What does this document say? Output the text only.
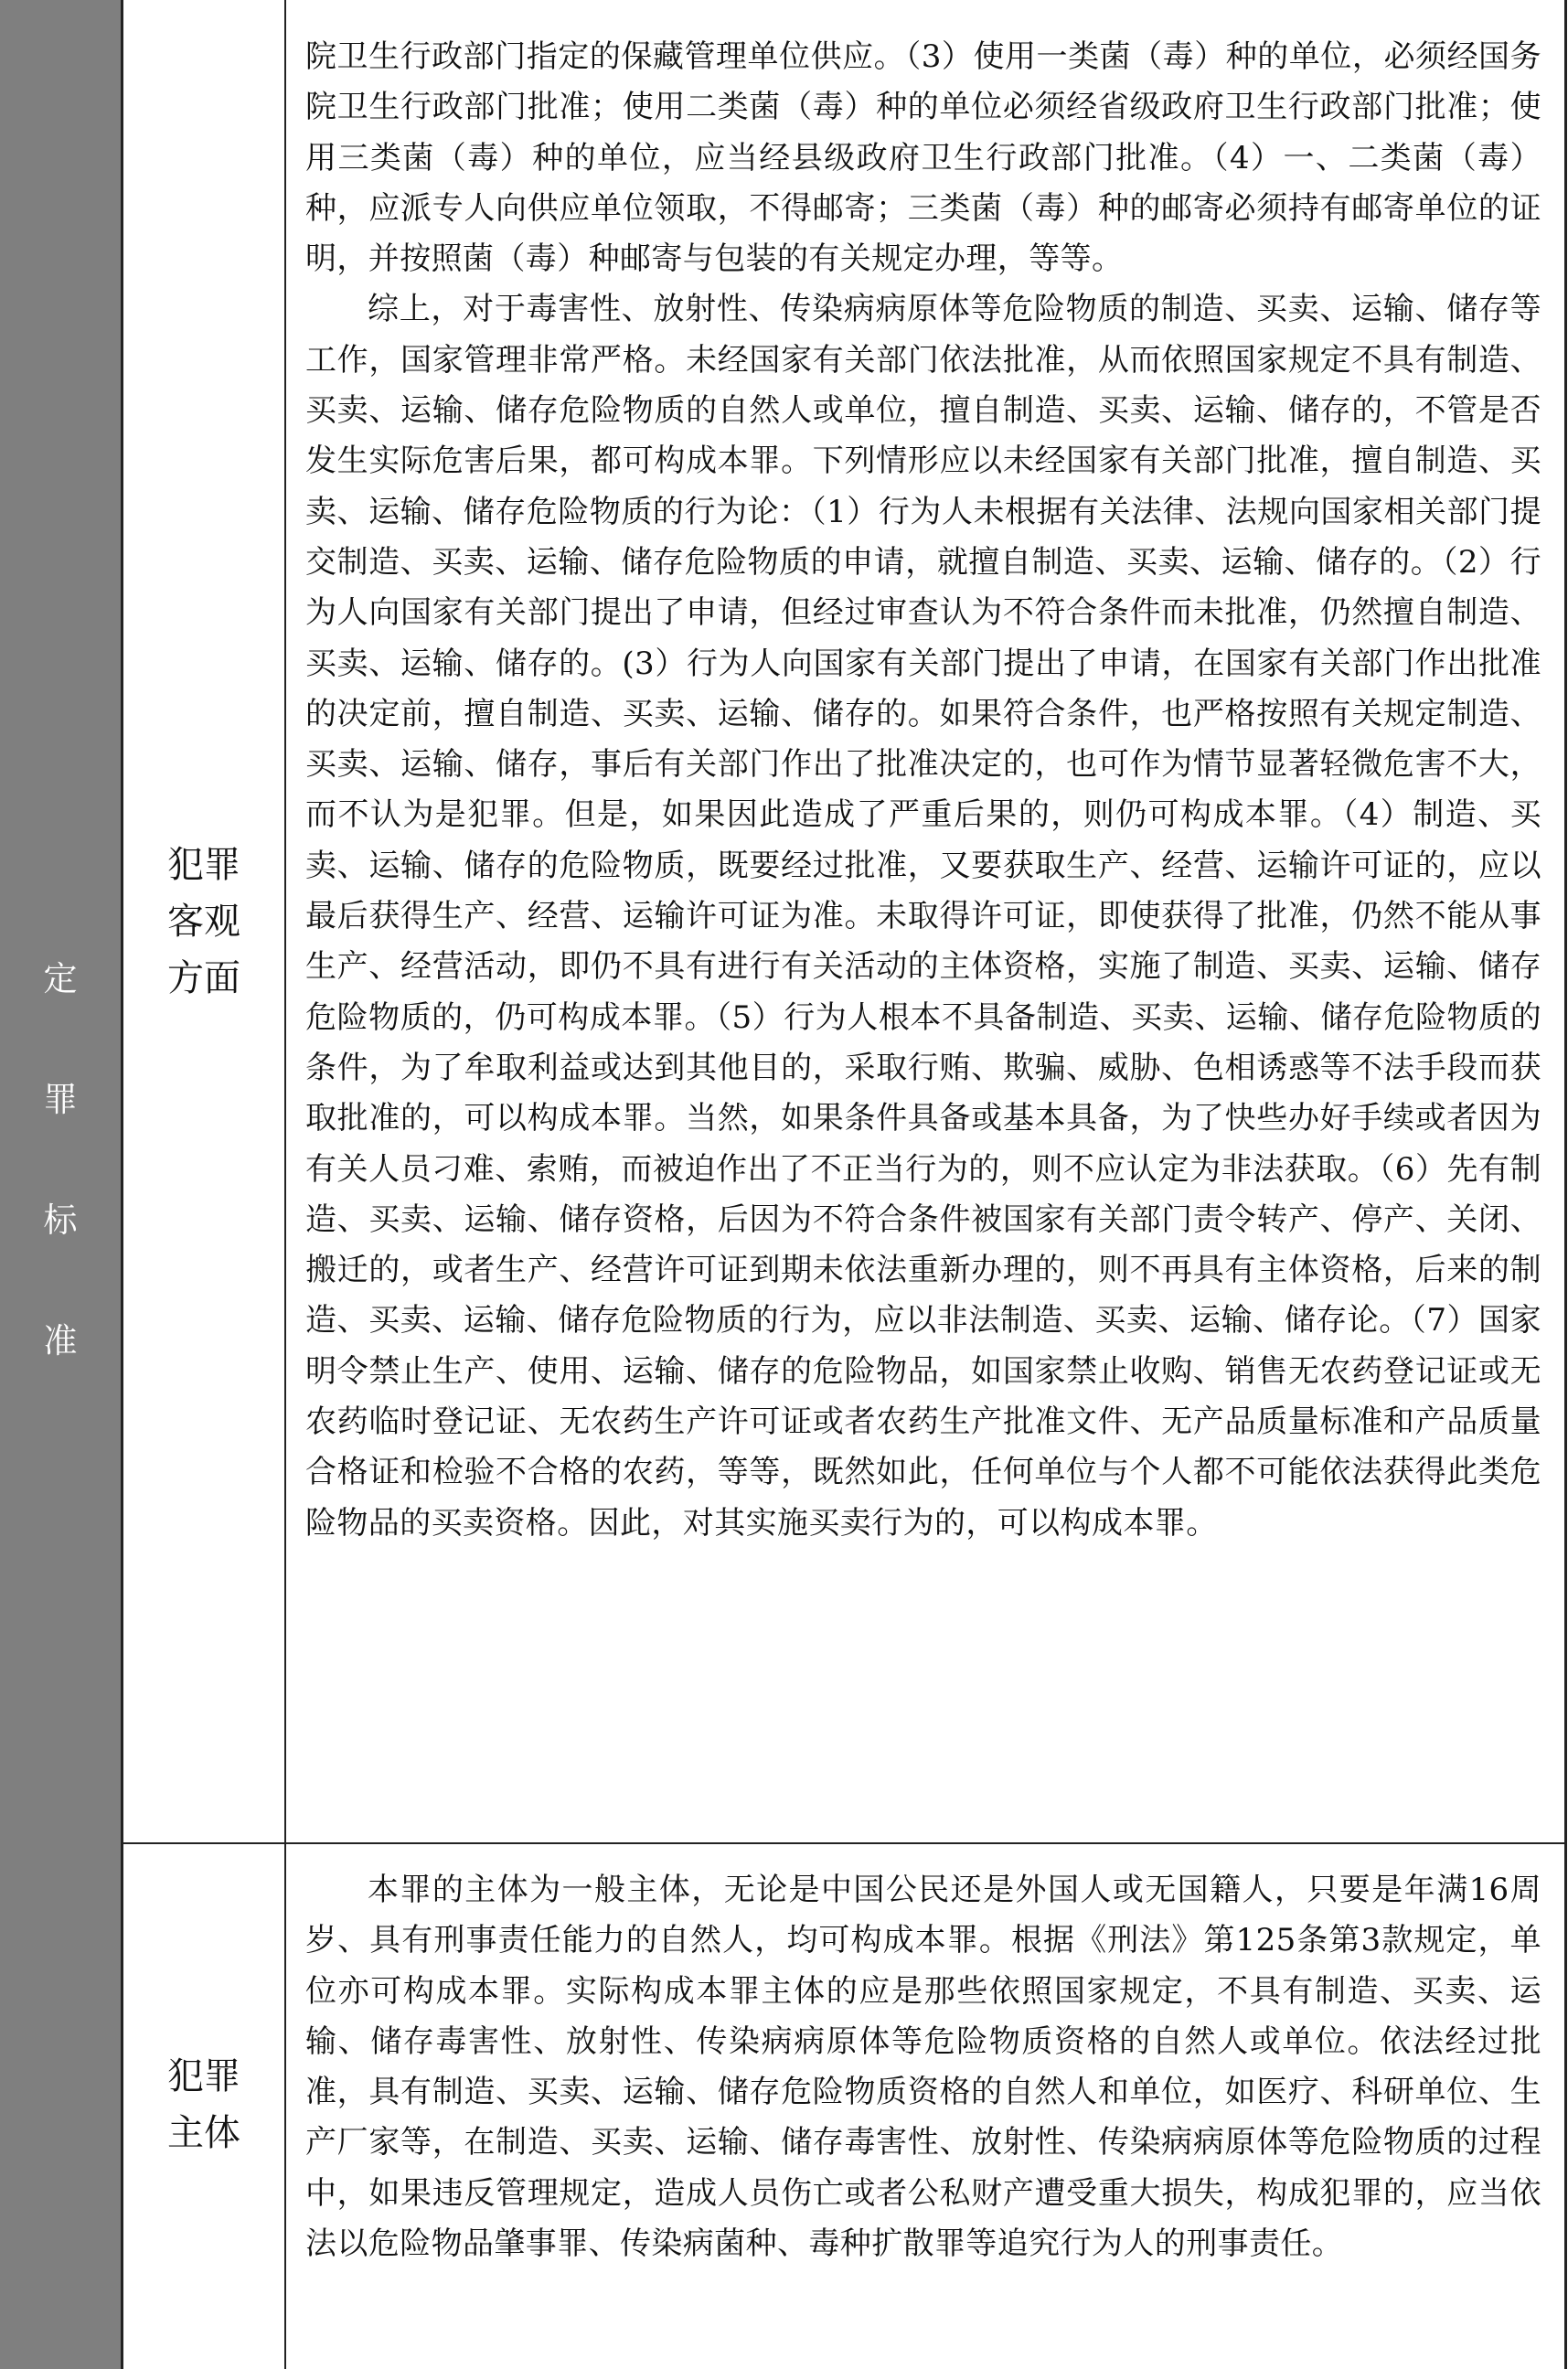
定
罪
标
准
犯罪
客观
方面

院卫生行政部门指定的保藏管理单位供应。（3）使用一类菌（毒）种的单位，必须经国务院卫生行政部门批准；使用二类菌（毒）种的单位必须经省级政府卫生行政部门批准；使用三类菌（毒）种的单位，应当经县级政府卫生行政部门批准。（4）一、二类菌（毒）种，应派专人向供应单位领取，不得邮寄；三类菌（毒）种的邮寄必须持有邮寄单位的证明，并按照菌（毒）种邮寄与包装的有关规定办理，等等。

综上，对于毒害性、放射性、传染病病原体等危险物质的制造、买卖、运输、储存等工作，国家管理非常严格。未经国家有关部门依法批准，从而依照国家规定不具有制造、买卖、运输、储存危险物质的自然人或单位，擅自制造、买卖、运输、储存的，不管是否发生实际危害后果，都可构成本罪。下列情形应以未经国家有关部门批准，擅自制造、买卖、运输、储存危险物质的行为论：（1）行为人未根据有关法律、法规向国家相关部门提交制造、买卖、运输、储存危险物质的申请，就擅自制造、买卖、运输、储存的。（2）行为人向国家有关部门提出了申请，但经过审查认为不符合条件而未批准，仍然擅自制造、买卖、运输、储存的。(3）行为人向国家有关部门提出了申请，在国家有关部门作出批准的决定前，擅自制造、买卖、运输、储存的。如果符合条件，也严格按照有关规定制造、买卖、运输、储存，事后有关部门作出了批准决定的，也可作为情节显著轻微危害不大，而不认为是犯罪。但是，如果因此造成了严重后果的，则仍可构成本罪。（4）制造、买卖、运输、储存的危险物质，既要经过批准，又要获取生产、经营、运输许可证的，应以最后获得生产、经营、运输许可证为准。未取得许可证，即使获得了批准，仍然不能从事生产、经营活动，即仍不具有进行有关活动的主体资格，实施了制造、买卖、运输、储存危险物质的，仍可构成本罪。（5）行为人根本不具备制造、买卖、运输、储存危险物质的条件，为了牟取利益或达到其他目的，采取行贿、欺骗、威胁、色相诱惑等不法手段而获取批准的，可以构成本罪。当然，如果条件具备或基本具备，为了快些办好手续或者因为有关人员刁难、索贿，而被迫作出了不正当行为的，则不应认定为非法获取。（6）先有制造、买卖、运输、储存资格，后因为不符合条件被国家有关部门责令转产、停产、关闭、搬迁的，或者生产、经营许可证到期未依法重新办理的，则不再具有主体资格，后来的制造、买卖、运输、储存危险物质的行为，应以非法制造、买卖、运输、储存论。（7）国家明令禁止生产、使用、运输、储存的危险物品，如国家禁止收购、销售无农药登记证或无农药临时登记证、无农药生产许可证或者农药生产批准文件、无产品质量标准和产品质量合格证和检验不合格的农药，等等，既然如此，任何单位与个人都不可能依法获得此类危险物品的买卖资格。因此，对其实施买卖行为的，可以构成本罪。

犯罪
主体

本罪的主体为一般主体，无论是中国公民还是外国人或无国籍人，只要是年满16周岁、具有刑事责任能力的自然人，均可构成本罪。根据《刑法》第125条第3款规定，单位亦可构成本罪。实际构成本罪主体的应是那些依照国家规定，不具有制造、买卖、运输、储存毒害性、放射性、传染病病原体等危险物质资格的自然人或单位。依法经过批准，具有制造、买卖、运输、储存危险物质资格的自然人和单位，如医疗、科研单位、生产厂家等，在制造、买卖、运输、储存毒害性、放射性、传染病病原体等危险物质的过程中，如果违反管理规定，造成人员伤亡或者公私财产遭受重大损失，构成犯罪的，应当依法以危险物品肇事罪、传染病菌种、毒种扩散罪等追究行为人的刑事责任。
